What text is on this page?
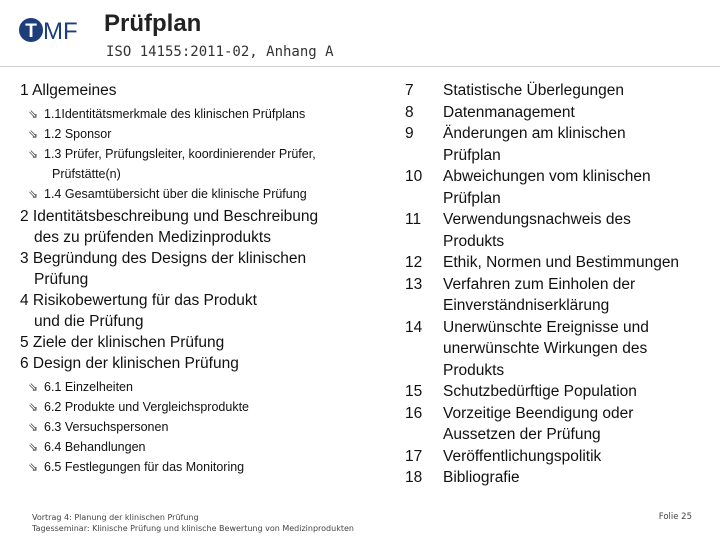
T MF Prüfplan
ISO 14155:2011-02, Anhang A
1 Allgemeines
⇘ 1.1Identitätsmerkmale des klinischen Prüfplans
⇘ 1.2 Sponsor
⇘ 1.3 Prüfer, Prüfungsleiter, koordinierender Prüfer,
Prüfstätte(n)
⇘ 1.4 Gesamtübersicht über die klinische Prüfung
2 Identitätsbeschreibung und Beschreibung
des zu prüfenden Medizinprodukts
3 Begründung des Designs der klinischen
Prüfung
4 Risikobewertung für das Produkt
und die Prüfung
5 Ziele der klinischen Prüfung
6 Design der klinischen Prüfung
⇘ 6.1 Einzelheiten
⇘ 6.2 Produkte und Vergleichsprodukte
⇘ 6.3 Versuchspersonen
⇘ 6.4 Behandlungen
⇘ 6.5 Festlegungen für das Monitoring
7	Statistische Überlegungen
8	Datenmanagement
9	Änderungen am klinischen
Prüfplan
10	Abweichungen vom klinischen
Prüfplan
11	Verwendungsnachweis des
Produkts
12	Ethik, Normen und Bestimmungen
13	Verfahren zum Einholen der
Einverständniserklärung
14	Unerwünschte Ereignisse und
unerwünschte Wirkungen des
Produkts
15	Schutzbedürftige Population
16	Vorzeitige Beendigung oder
Aussetzen der Prüfung
17	Veröffentlichungspolitik
18	Bibliografie
Vortrag 4: Planung der klinischen Prüfung
Tagesseminar: Klinische Prüfung und klinische Bewertung von Medizinprodukten
Folie 25
